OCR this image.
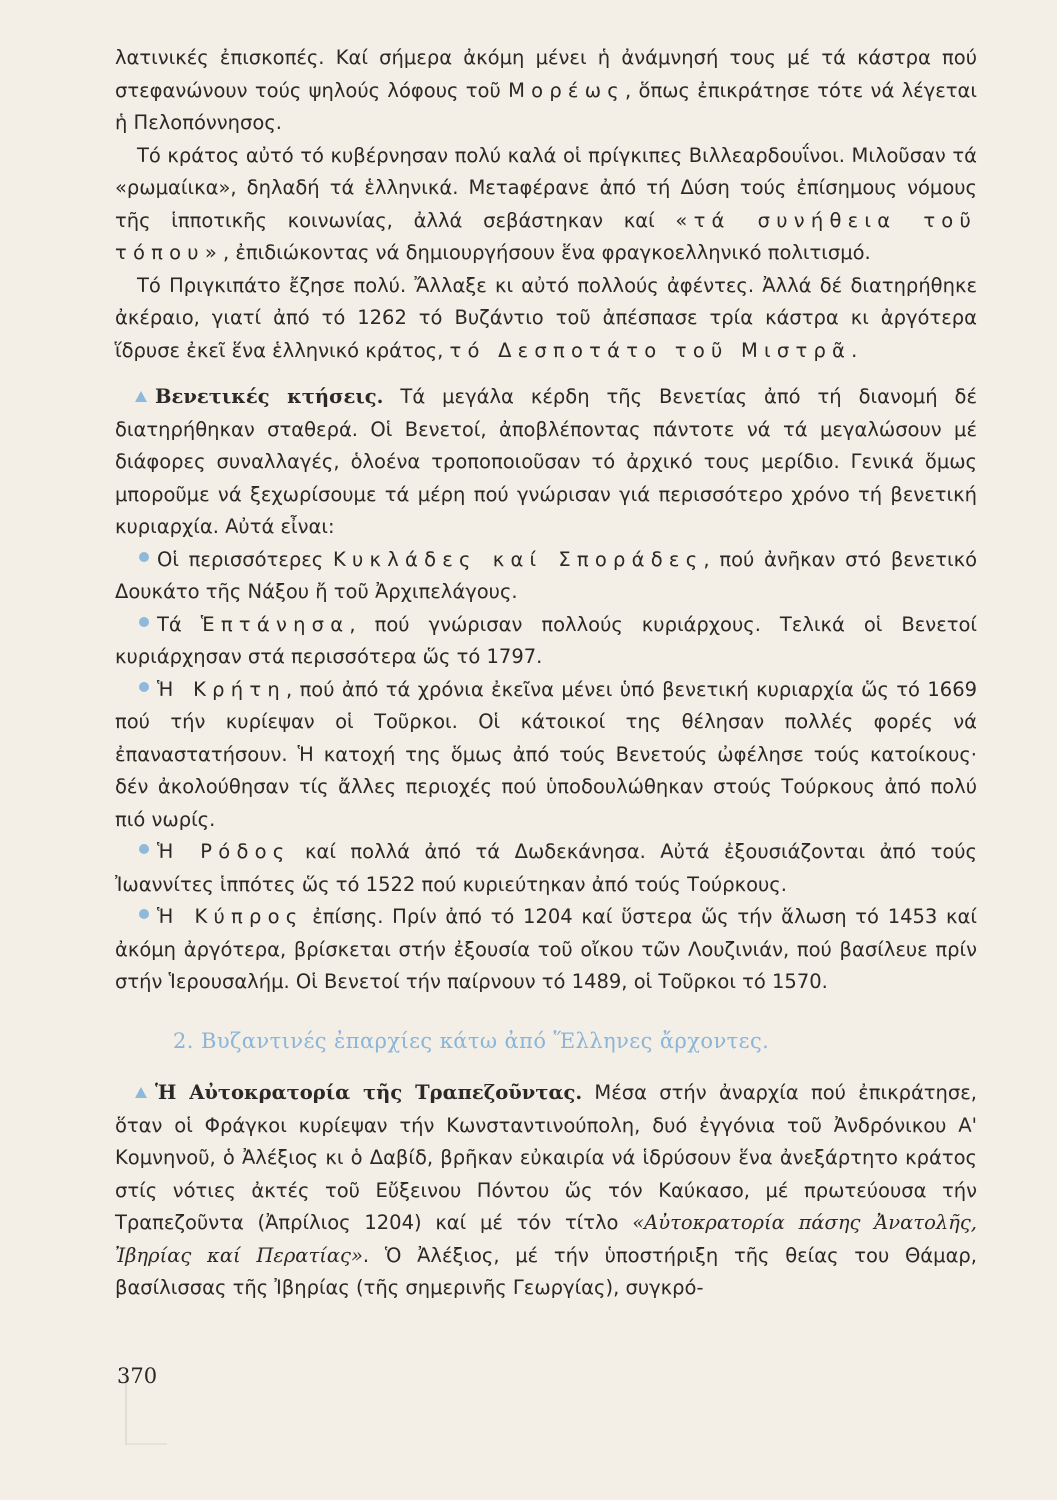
λατινικές ἐπισκοπές. Καί σήμερα ἀκόμη μένει ἡ ἀνάμνησή τους μέ τά κάστρα πού στεφανώνουν τούς ψηλούς λόφους τοῦ Μορέως, ὅπως ἐπικράτησε τότε νά λέγεται ἡ Πελοπόννησος.

Τό κράτος αὐτό τό κυβέρνησαν πολύ καλά οἱ πρίγκιπες Βιλλεαρδουΐνοι. Μιλοῦσαν τά «ρωμαίικα», δηλαδή τά ἑλληνικά. Μετaφέρανε ἀπό τή Δύση τούς ἐπίσημους νόμους τῆς ἱπποτικῆς κοινωνίας, ἀλλά σεβάστηκαν καί «τά συνήθεια τοῦ τόπου», ἐπιδιώκοντας νά δημιουργήσουν ἕνα φραγκοελληνικό πολιτισμό.

Τό Πριγκιπάτο ἔζησε πολύ. Ἄλλαξε κι αὐτό πολλούς ἀφέντες. Ἀλλά δέ διατηρήθηκε ἀκέραιο, γιατί ἀπό τό 1262 τό Βυζάντιο τοῦ ἀπέσπασε τρία κάστρα κι ἀργότερα ἵδρυσε ἐκεῖ ἕνα ἑλληνικό κράτος, τό Δεσποτάτο τοῦ Μιστρᾶ.

Βενετικές κτήσεις. Τά μεγάλα κέρδη τῆς Βενετίας ἀπό τή διανομή δέ διατηρήθηκαν σταθερά. Οἱ Βενετοί, ἀποβλέποντας πάντοτε νά τά μεγαλώσουν μέ διάφορες συναλλαγές, ὁλοένα τροποποιοῦσαν τό ἀρχικό τους μερίδιο. Γενικά ὅμως μποροῦμε νά ξεχωρίσουμε τά μέρη πού γνώρισαν γιά περισσότερο χρόνο τή βενετική κυριαρχία. Αὐτά εἶναι:

Οἱ περισσότερες Κυκλάδες καί Σποράδες, πού ἀνῆκαν στό βενετικό Δουκάτο τῆς Νάξου ἤ τοῦ Ἀρχιπελάγους.

Τά Ἑπτάνησα, πού γνώρισαν πολλούς κυριάρχους. Τελικά οἱ Βενετοί κυριάρχησαν στά περισσότερα ὥς τό 1797.

Ἡ Κρήτη, πού ἀπό τά χρόνια ἐκεῖνα μένει ὑπό βενετική κυριαρχία ὥς τό 1669 πού τήν κυρίεψαν οἱ Τοῦρκοι. Οἱ κάτοικοί της θέλησαν πολλές φορές νά ἐπαναστατήσουν. Ἡ κατοχή της ὅμως ἀπό τούς Βενετούς ὠφέλησε τούς κατοίκους· δέν ἀκολούθησαν τίς ἄλλες περιοχές πού ὑποδουλώθηκαν στούς Τούρκους ἀπό πολύ πιό νωρίς.

Ἡ Ρόδος καί πολλά ἀπό τά Δωδεκάνησα. Αὐτά ἐξουσιάζονται ἀπό τούς Ἰωαννίτες ἱππότες ὥς τό 1522 πού κυριεύτηκαν ἀπό τούς Τούρκους.

Ἡ Κύπρος ἐπίσης. Πρίν ἀπό τό 1204 καί ὕστερα ὥς τήν ἅλωση τό 1453 καί ἀκόμη ἀργότερα, βρίσκεται στήν ἐξουσία τοῦ οἴκου τῶν Λουζινιάν, πού βασίλευε πρίν στήν Ἱερουσαλήμ. Οἱ Βενετοί τήν παίρνουν τό 1489, οἱ Τοῦρκοι τό 1570.

2. Βυζαντινές ἐπαρχίες κάτω ἀπό Ἕλληνες ἄρχοντες.

Ἡ Αὐτοκρατορία τῆς Τραπεζοῦντας. Μέσα στήν ἀναρχία πού ἐπικράτησε, ὅταν οἱ Φράγκοι κυρίεψαν τήν Κωνσταντινούπολη, δυό ἐγγόνια τοῦ Ἀνδρόνικου Α' Κομνηνοῦ, ὁ Ἀλέξιος κι ὁ Δαβίδ, βρῆκαν εὐκαιρία νά ἱδρύσουν ἕνα ἀνεξάρτητο κράτος στίς νότιες ἀκτές τοῦ Εὔξεινου Πόντου ὥς τόν Καύκασο, μέ πρωτεύουσα τήν Τραπεζοῦντα (Ἀπρίλιος 1204) καί μέ τόν τίτλο «Αὐτοκρατορία πάσης Ἀνατολῆς, Ἰβηρίας καί Περατίας». Ὁ Ἀλέξιος, μέ τήν ὑποστήριξη τῆς θείας του Θάμαρ, βασίλισσας τῆς Ἰβηρίας (τῆς σημερινῆς Γεωργίας), συγκρό-

370
